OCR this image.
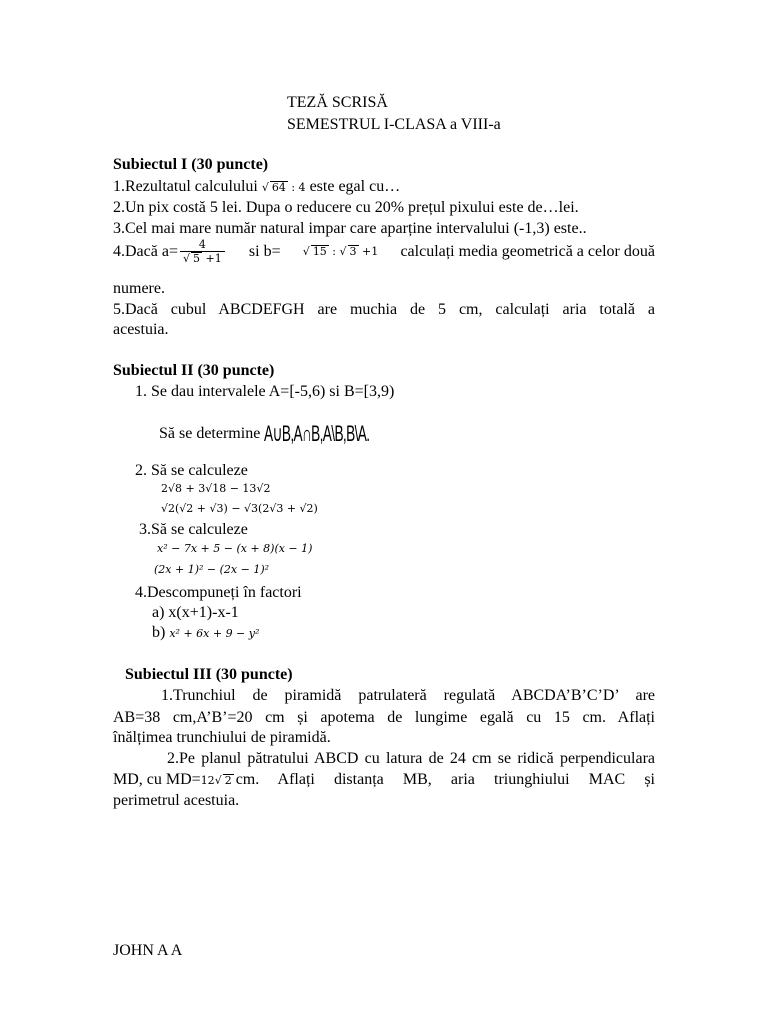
TEZĂ SCRISĂ
SEMESTRUL I-CLASA a VIII-a
Subiectul I (30 puncte)
1.Rezultatul calculului √ 64 : 4 este egal cu…
2.Un pix costă 5 lei. Dupa o reducere cu 20% prețul pixului este de…lei.
3.Cel mai mare număr natural impar care aparține intervalului (-1,3) este..
4.Dacă a= 4
√ 5 +1 si b= √	15 : √ 3 +1 calculați media geometrică a celor două
numere.
5.Dacă cubul ABCDEFGH are muchia de 5 cm, calculați aria totală a
acestuia.
Subiectul II (30 puncte)
1. Se dau intervalele A=[-5,6) si B=[3,9)
Să se determine A∪B,A∩B,A\B,B\A.
2. Să se calculeze
2√8 + 3√18 − 13√2
√2(√2 + √3) − √3(2√3 + √2)
3.Să se calculeze
x² − 7x + 5 − (x + 8)(x − 1)
(2x + 1)² − (2x − 1)²
4.Descompuneți în factori
a) x(x+1)-x-1
b) x² + 6x + 9 − y²
Subiectul III (30 puncte)
1.Trunchiul de piramidă patrulateră regulată ABCDA’B’C’D’ are
AB=38 cm,A’B’=20 cm și apotema de lungime egală cu 15 cm. Aflați
înălțimea trunchiului de piramidă.
2.Pe planul pătratului ABCD cu latura de 24 cm se ridică perpendiculara
MD, cu MD= 12 √ 2 cm. Aflați distanța MB, aria triunghiului MAC și
perimetrul acestuia.
JOHN A A
